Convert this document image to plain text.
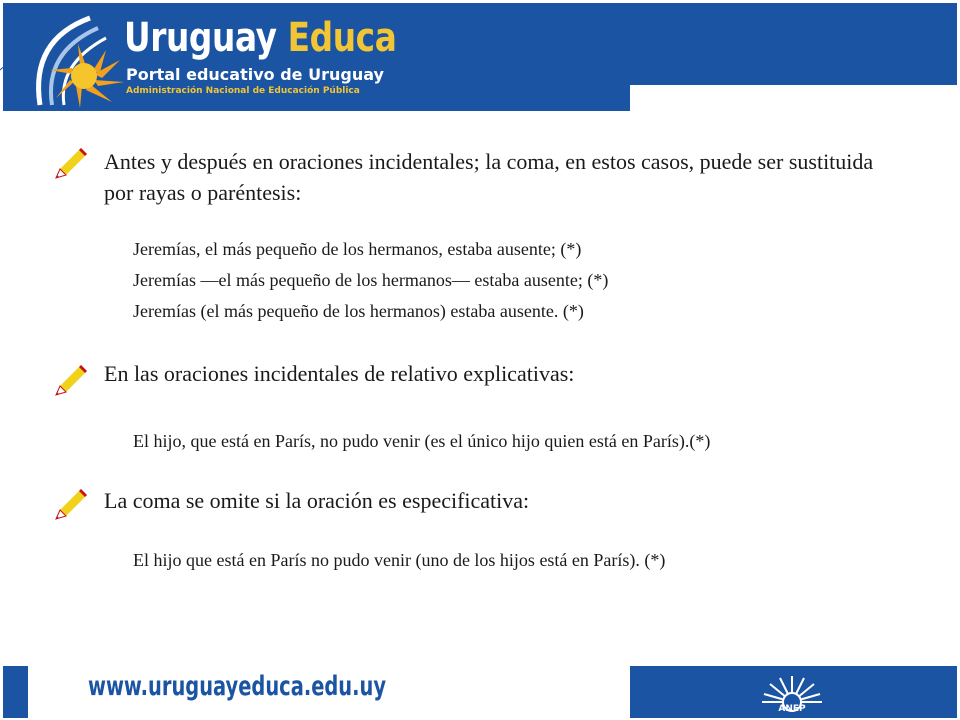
Uruguay Educa
Portal educativo de Uruguay
Administración Nacional de Educación Pública
Antes y después en oraciones incidentales; la coma, en estos casos, puede ser sustituida por rayas o paréntesis:
Jeremías, el más pequeño de los hermanos, estaba ausente; (*)
Jeremías —el más pequeño de los hermanos— estaba ausente; (*)
Jeremías (el más pequeño de los hermanos) estaba ausente. (*)
En las oraciones incidentales de relativo explicativas:
El hijo, que está en París, no pudo venir (es el único hijo quien está en París).(*)
La coma se omite si la oración es especificativa:
El hijo que está en París no pudo venir (uno de los hijos está en París). (*)
www.uruguayeduca.edu.uy
ANEP
